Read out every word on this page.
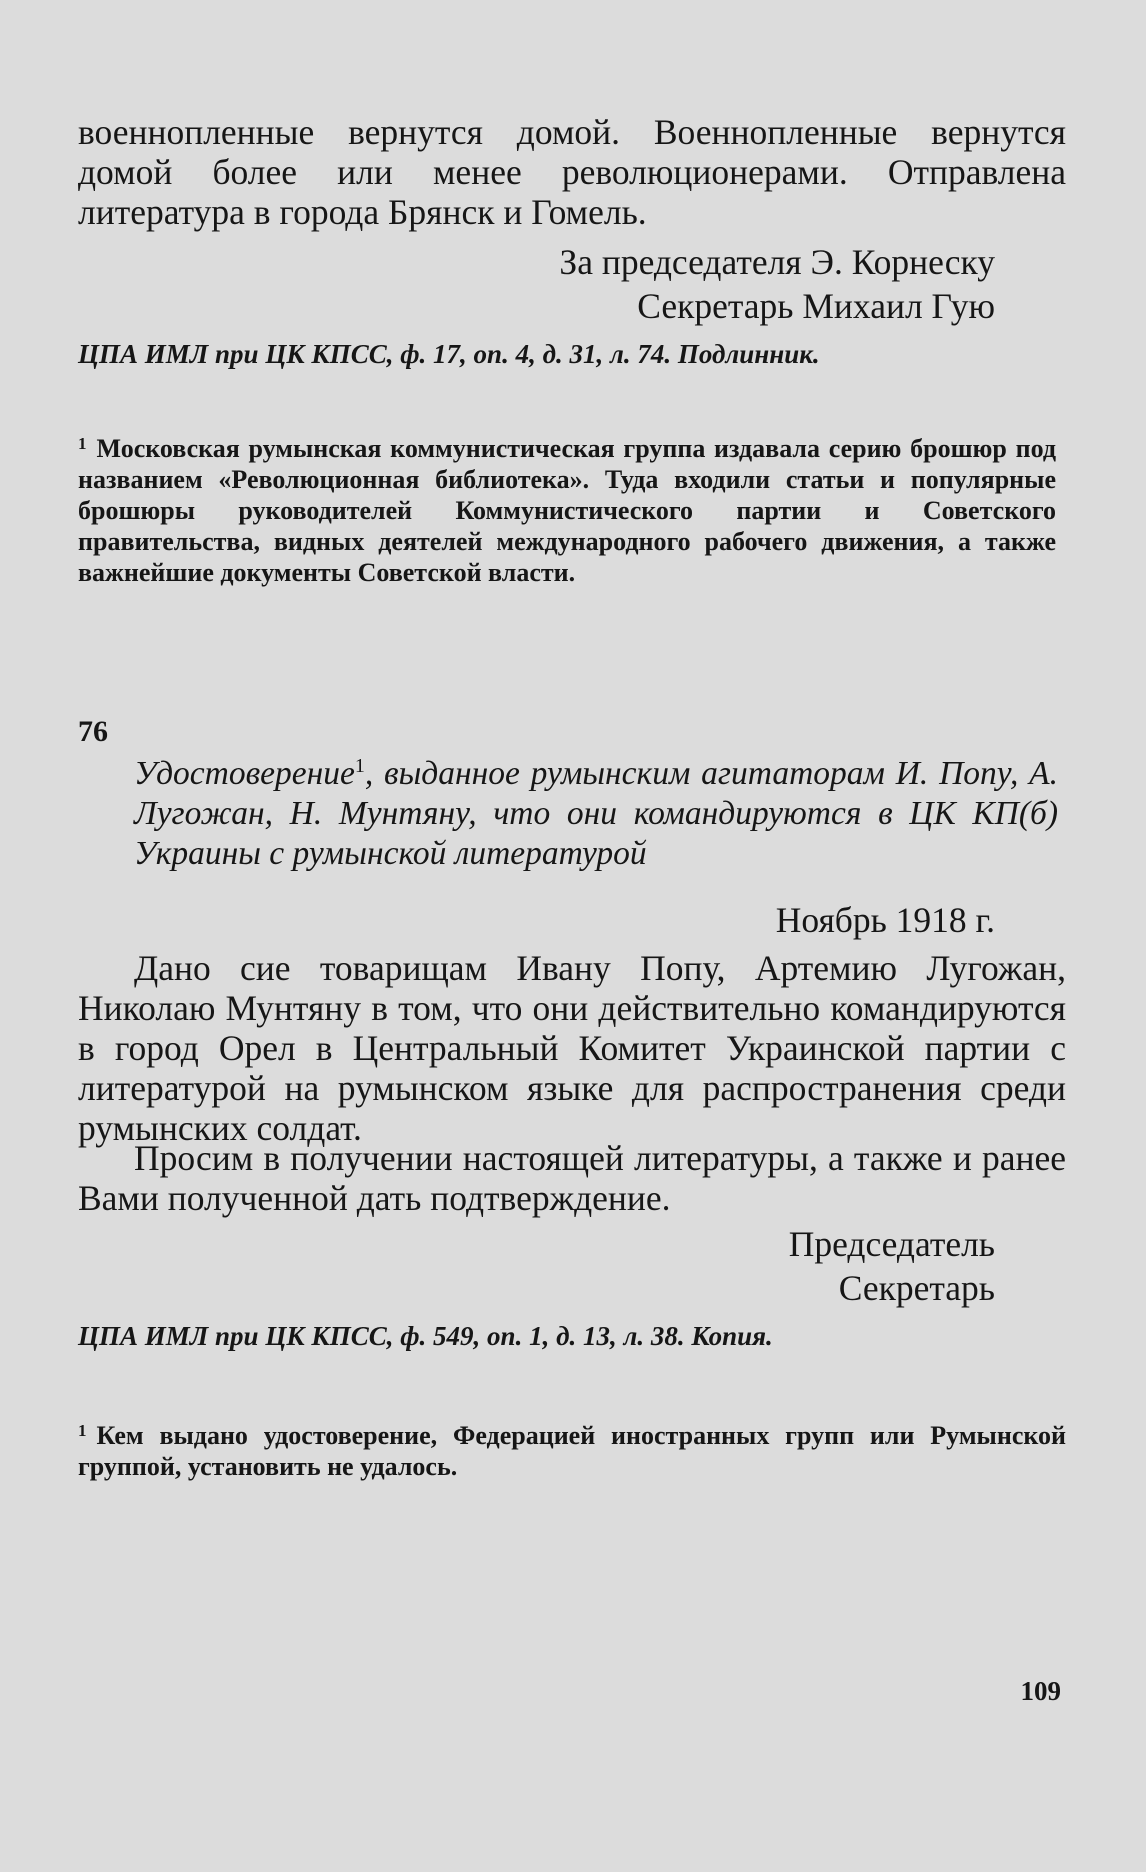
военнопленные вернутся домой. Военнопленные вернутся домой более или менее революционерами. Отправлена литература в города Брянск и Гомель.

За председателя Э. Корнеску
Секретарь Михаил Гую

ЦПА ИМЛ при ЦК КПСС, ф. 17, оп. 4, д. 31, л. 74. Подлинник.

$^1$ Московская румынская коммунистическая группа издавала серию брошюр под названием «Революционная библиотека». Туда входили статьи и популярные брошюры руководителей Коммунистического партии и Советского правительства, видных деятелей международного рабочего движения, а также важнейшие документы Советской власти.

76

Удостоверение$^1$, выданное румынским агитаторам И. Попу, А. Лугожан, Н. Мунтяну, что они командируются в ЦК КП(б) Украины с румынской литературой

Ноябрь 1918 г.

Дано сие товарищам Ивану Попу, Артемию Лугожан, Николаю Мунтяну в том, что они действительно командируются в город Орел в Центральный Комитет Украинской партии с литературой на румынском языке для распространения среди румынских солдат.

Просим в получении настоящей литературы, а также и ранее Вами полученной дать подтверждение.

Председатель
Секретарь

ЦПА ИМЛ при ЦК КПСС, ф. 549, оп. 1, д. 13, л. 38. Копия.

$^1$ Кем выдано удостоверение, Федерацией иностранных групп или Румынской группой, установить не удалось.

109
